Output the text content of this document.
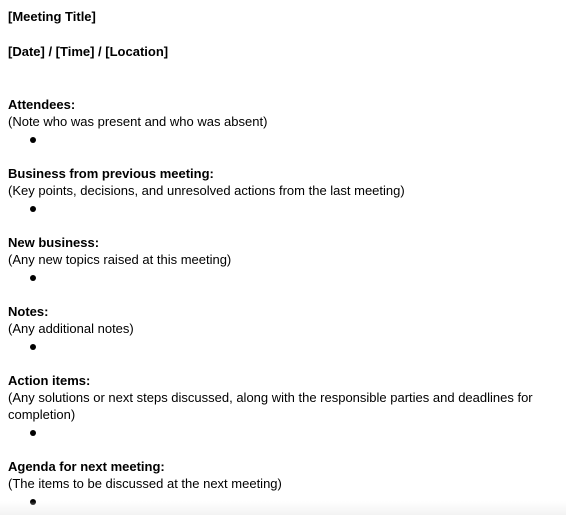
[Meeting Title]
[Date] / [Time] / [Location]
Attendees:
(Note who was present and who was absent)
Business from previous meeting:
(Key points, decisions, and unresolved actions from the last meeting)
New business:
(Any new topics raised at this meeting)
Notes:
(Any additional notes)
Action items:
(Any solutions or next steps discussed, along with the responsible parties and deadlines for completion)
Agenda for next meeting:
(The items to be discussed at the next meeting)
